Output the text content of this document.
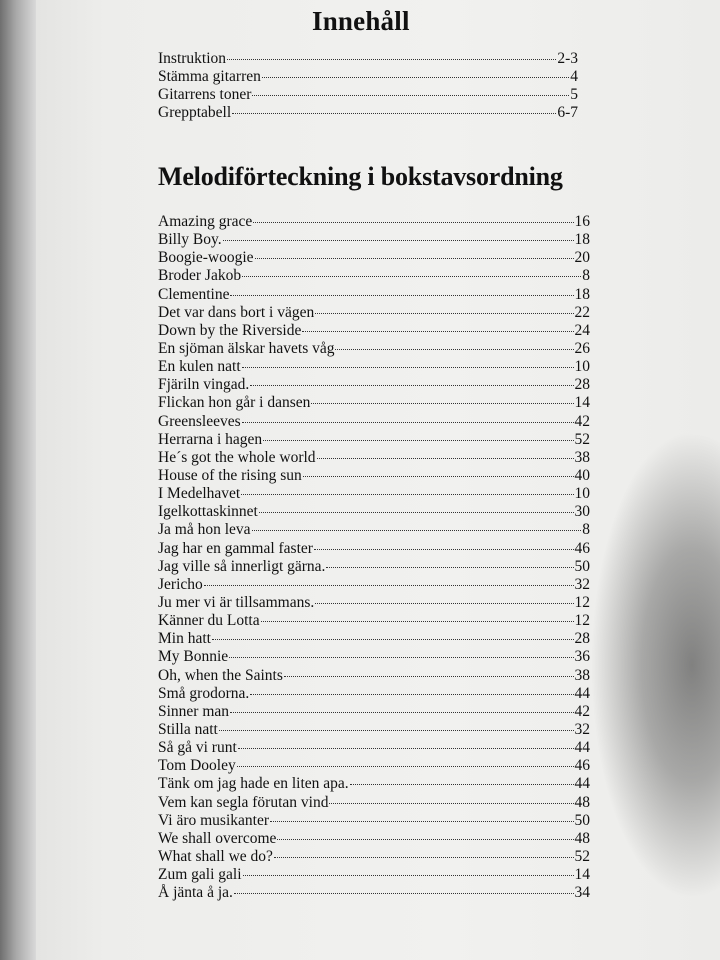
Innehåll
Instruktion	2-3
Stämma gitarren	4
Gitarrens toner	5
Grepptabell	6-7
Melodiförteckning i bokstavsordning
Amazing grace	16
Billy Boy.	18
Boogie-woogie	20
Broder Jakob	8
Clementine	18
Det var dans bort i vägen	22
Down by the Riverside	24
En sjöman älskar havets våg	26
En kulen natt	10
Fjäriln vingad.	28
Flickan hon går i dansen	14
Greensleeves	42
Herrarna i hagen	52
He´s got the whole world	38
House of the rising sun	40
I Medelhavet	10
Igelkottaskinnet	30
Ja må hon leva	8
Jag har en gammal faster	46
Jag ville så innerligt gärna.	50
Jericho	32
Ju mer vi är tillsammans.	12
Känner du Lotta	12
Min hatt	28
My Bonnie	36
Oh, when the Saints	38
Små grodorna.	44
Sinner man	42
Stilla natt	32
Så gå vi runt	44
Tom Dooley	46
Tänk om jag hade en liten apa.	44
Vem kan segla förutan vind	48
Vi äro musikanter	50
We shall overcome	48
What shall we do?	52
Zum gali gali	14
Å jänta å ja.	34
